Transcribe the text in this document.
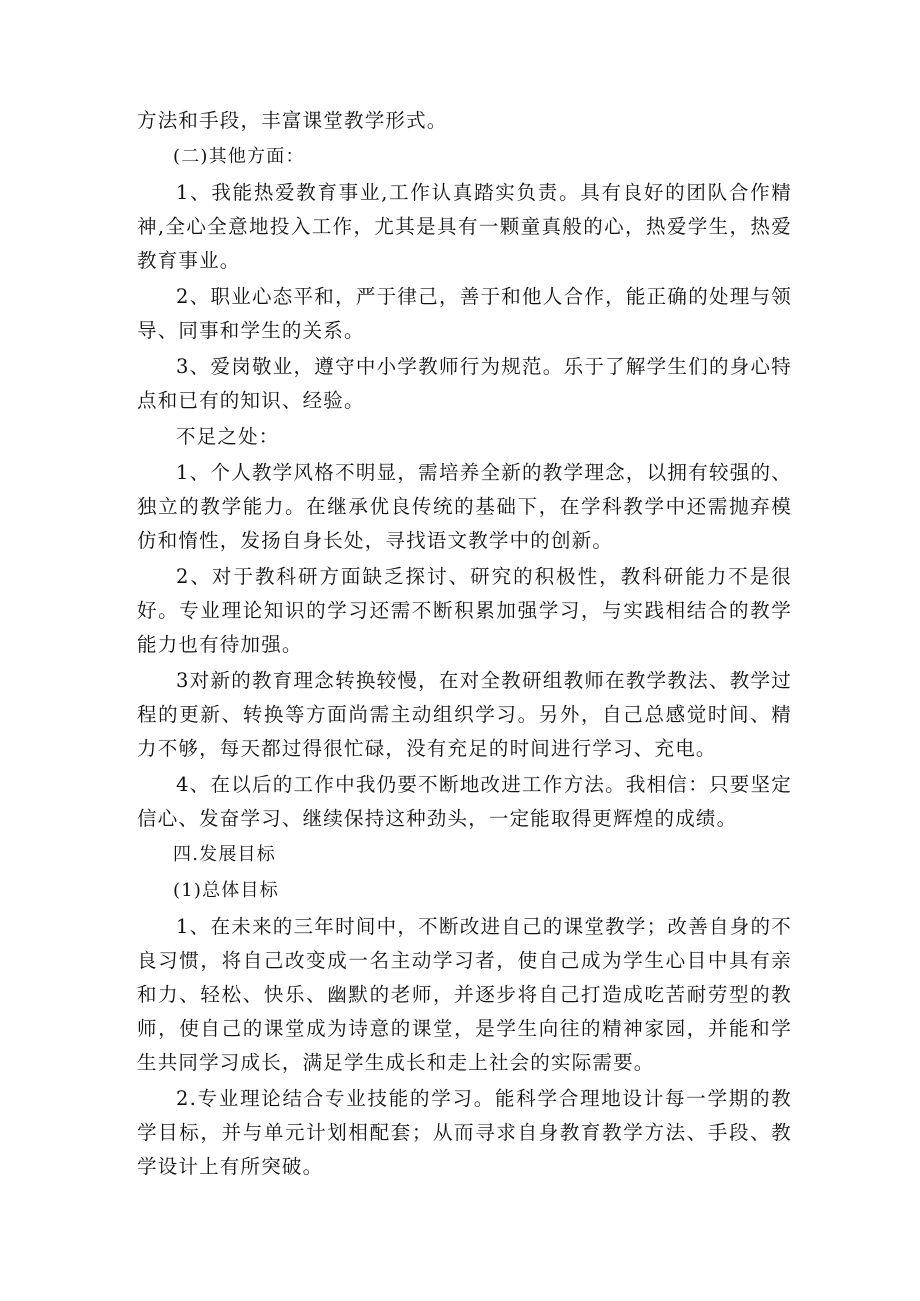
方法和手段，丰富课堂教学形式。

(二)其他方面：

1、我能热爱教育事业,工作认真踏实负责。具有良好的团队合作精神,全心全意地投入工作，尤其是具有一颗童真般的心，热爱学生，热爱教育事业。

2、职业心态平和，严于律己，善于和他人合作，能正确的处理与领导、同事和学生的关系。

3、爱岗敬业，遵守中小学教师行为规范。乐于了解学生们的身心特点和已有的知识、经验。

不足之处：

1、个人教学风格不明显，需培养全新的教学理念，以拥有较强的、独立的教学能力。在继承优良传统的基础下，在学科教学中还需抛弃模仿和惰性，发扬自身长处，寻找语文教学中的创新。

2、对于教科研方面缺乏探讨、研究的积极性，教科研能力不是很好。专业理论知识的学习还需不断积累加强学习，与实践相结合的教学能力也有待加强。

3对新的教育理念转换较慢，在对全教研组教师在教学教法、教学过程的更新、转换等方面尚需主动组织学习。另外，自己总感觉时间、精力不够，每天都过得很忙碌，没有充足的时间进行学习、充电。

4、在以后的工作中我仍要不断地改进工作方法。我相信：只要坚定信心、发奋学习、继续保持这种劲头，一定能取得更辉煌的成绩。

四.发展目标

(1)总体目标

1、在未来的三年时间中，不断改进自己的课堂教学；改善自身的不良习惯，将自己改变成一名主动学习者，使自己成为学生心目中具有亲和力、轻松、快乐、幽默的老师，并逐步将自己打造成吃苦耐劳型的教师，使自己的课堂成为诗意的课堂，是学生向往的精神家园，并能和学生共同学习成长，满足学生成长和走上社会的实际需要。

2.专业理论结合专业技能的学习。能科学合理地设计每一学期的教学目标，并与单元计划相配套；从而寻求自身教育教学方法、手段、教学设计上有所突破。
